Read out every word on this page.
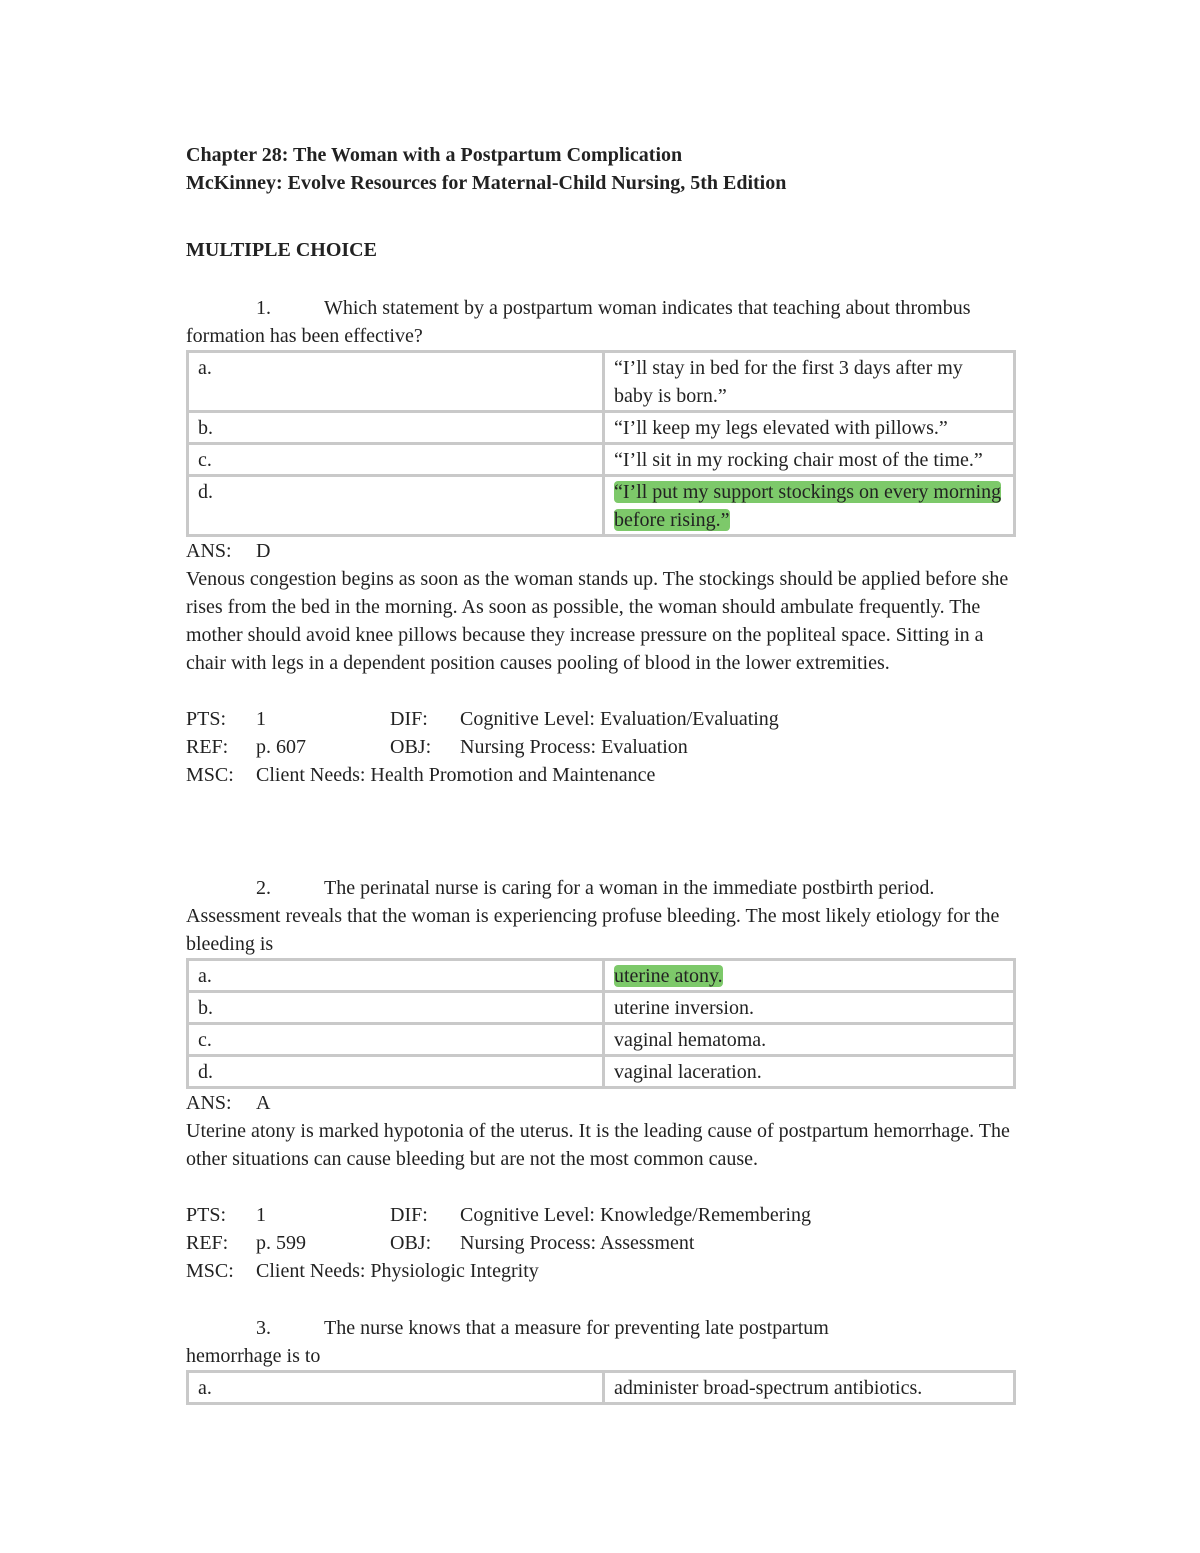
Chapter 28: The Woman with a Postpartum Complication
McKinney: Evolve Resources for Maternal-Child Nursing, 5th Edition
MULTIPLE CHOICE
1.	Which statement by a postpartum woman indicates that teaching about thrombus formation has been effective?
a.	“I’ll stay in bed for the first 3 days after my baby is born.”
b.	“I’ll keep my legs elevated with pillows.”
c.	“I’ll sit in my rocking chair most of the time.”
d.	“I’ll put my support stockings on every morning before rising.”
ANS: D
Venous congestion begins as soon as the woman stands up. The stockings should be applied before she rises from the bed in the morning. As soon as possible, the woman should ambulate frequently. The mother should avoid knee pillows because they increase pressure on the popliteal space. Sitting in a chair with legs in a dependent position causes pooling of blood in the lower extremities.
PTS:	1	DIF:	Cognitive Level: Evaluation/Evaluating
REF:	p. 607	OBJ:	Nursing Process: Evaluation
MSC:	Client Needs: Health Promotion and Maintenance
2.	The perinatal nurse is caring for a woman in the immediate postbirth period. Assessment reveals that the woman is experiencing profuse bleeding. The most likely etiology for the bleeding is
a.	uterine atony.
b.	uterine inversion.
c.	vaginal hematoma.
d.	vaginal laceration.
ANS: A
Uterine atony is marked hypotonia of the uterus. It is the leading cause of postpartum hemorrhage. The other situations can cause bleeding but are not the most common cause.
PTS:	1	DIF:	Cognitive Level: Knowledge/Remembering
REF:	p. 599	OBJ:	Nursing Process: Assessment
MSC:	Client Needs: Physiologic Integrity
3.	The nurse knows that a measure for preventing late postpartum hemorrhage is to
a.	administer broad-spectrum antibiotics.
